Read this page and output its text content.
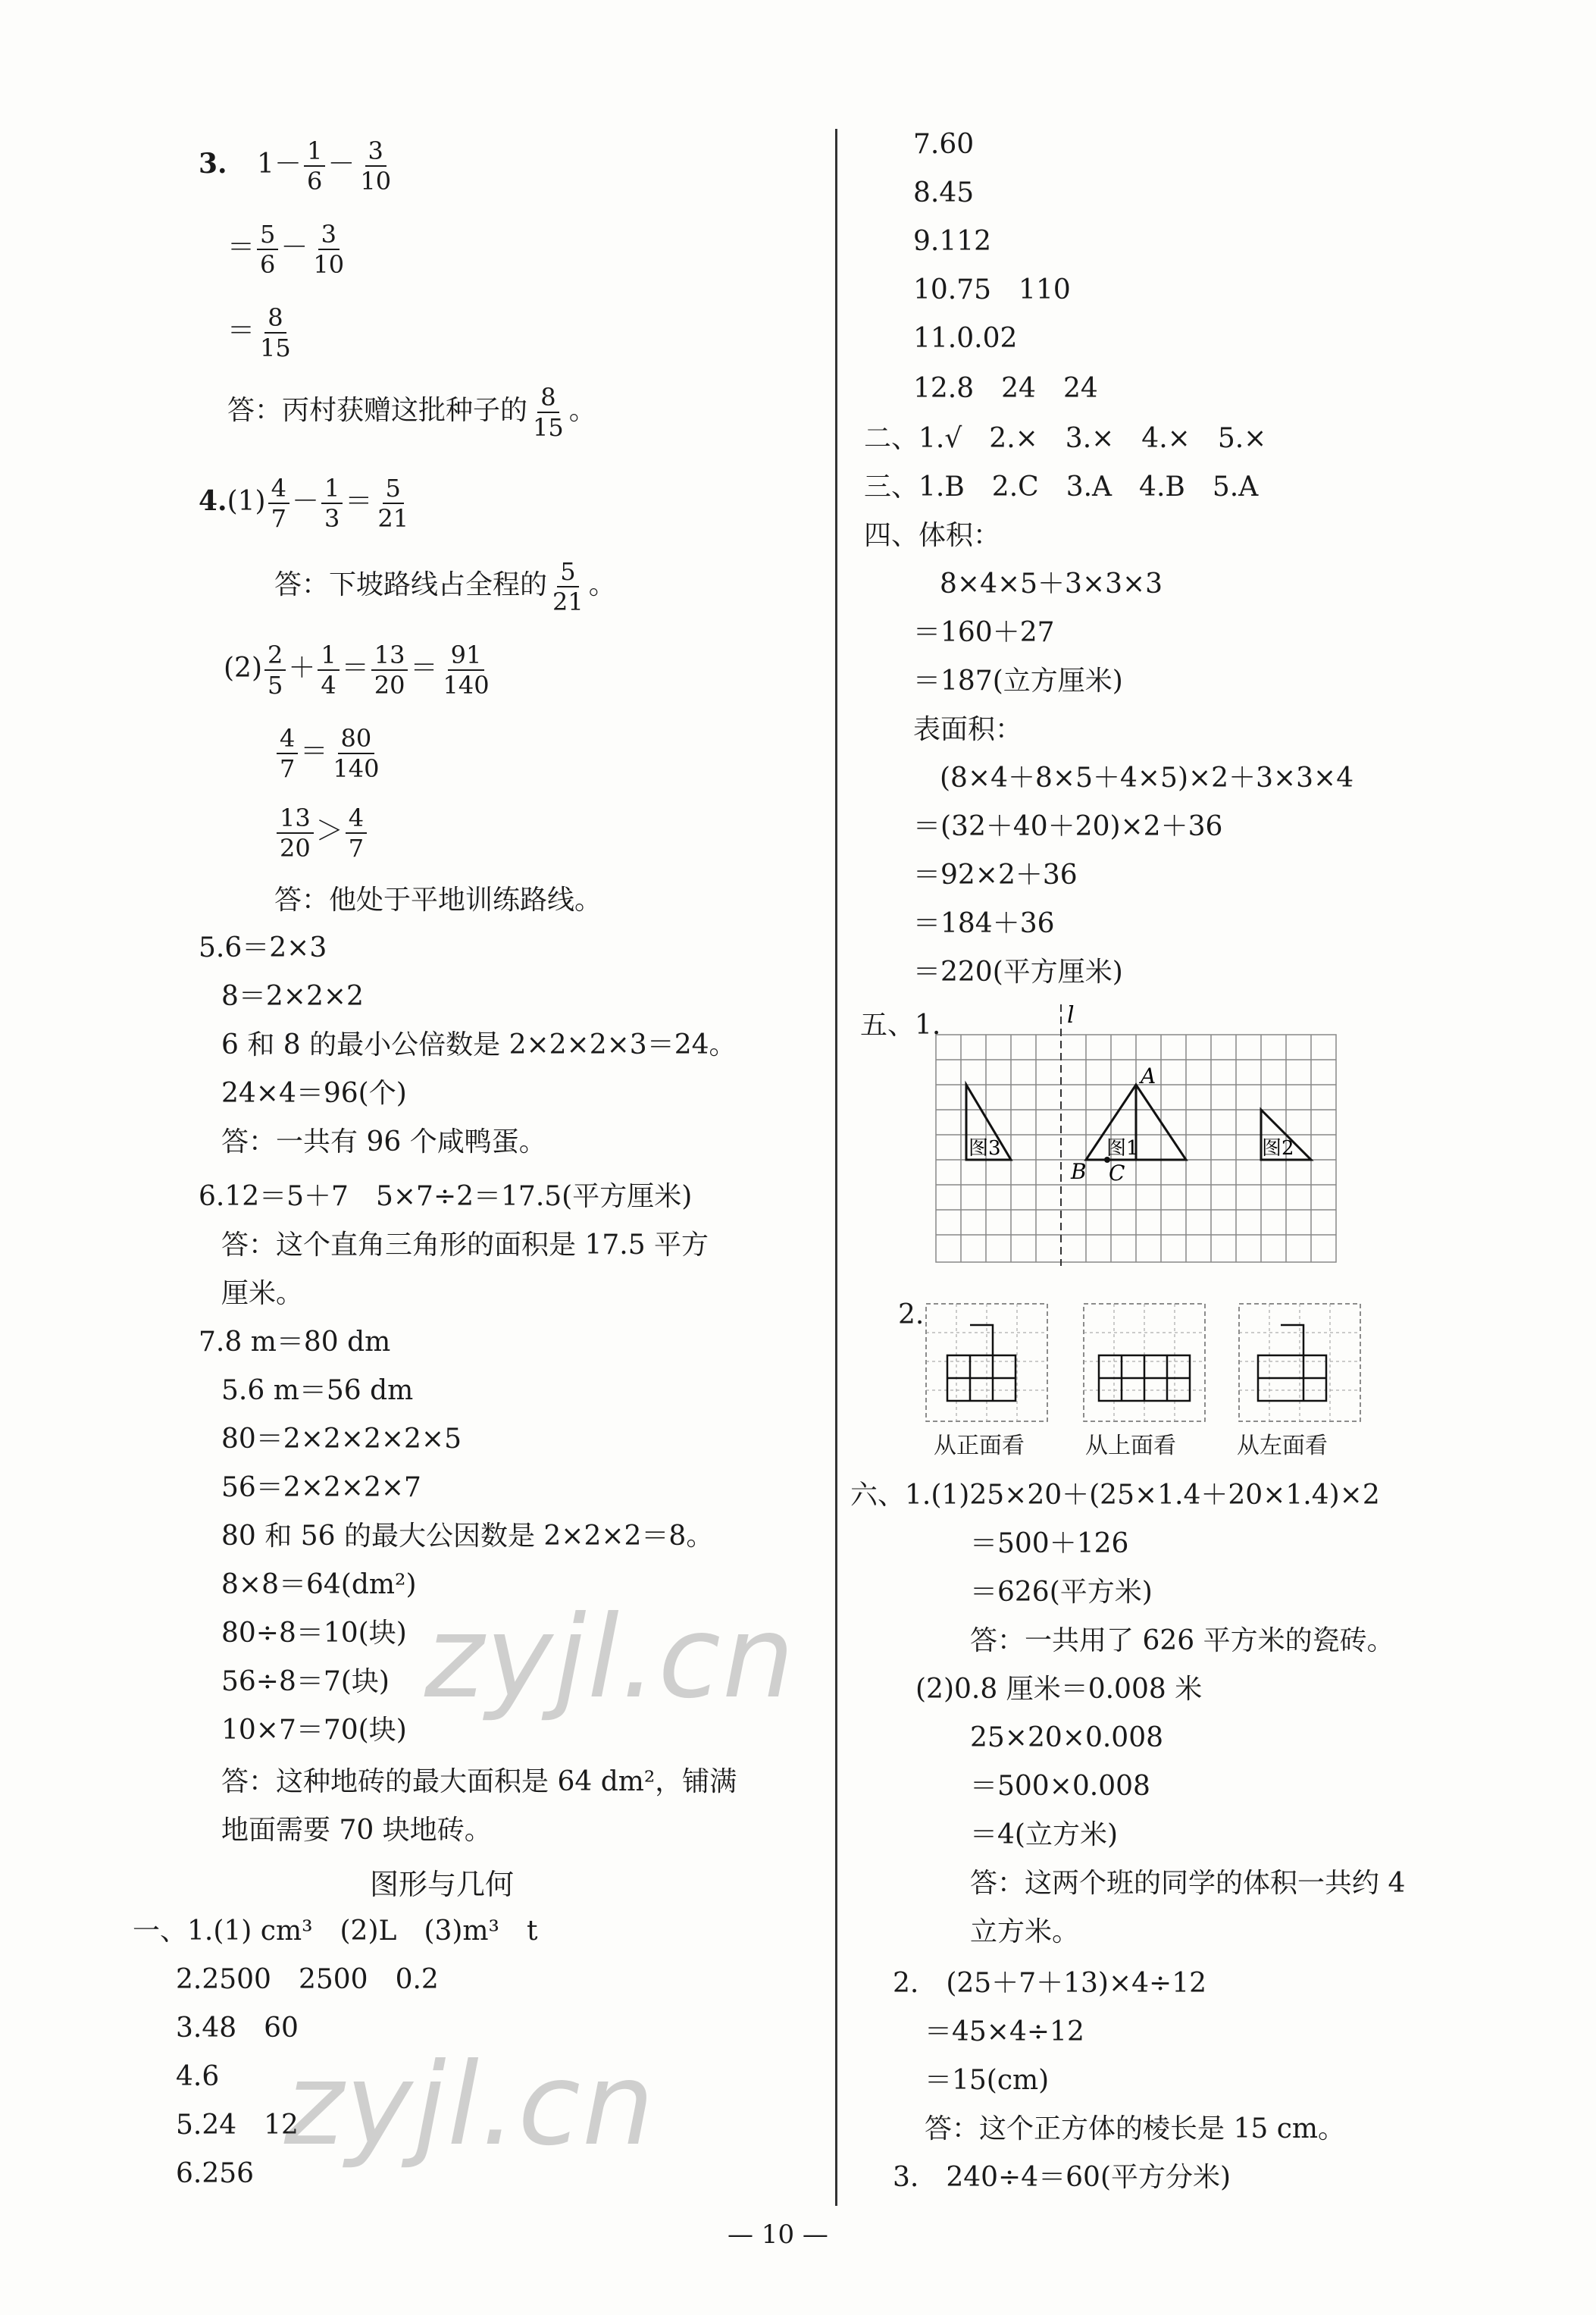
3. $1- \frac{1}{6} - \frac{3}{10}$
＝ $\frac{5}{6} - \frac{3}{10}$
＝ $\frac{8}{15}$
答：丙村获赠这批种子的 $\frac{8}{15}$ 。
$4.(1) \frac{4}{7} - \frac{1}{3} = \frac{5}{21}$
答：下坡路线占全程的 $\frac{5}{21}$ 。
$(2) \frac{2}{5} + \frac{1}{4} = \frac{13}{20} = \frac{91}{140}$
$\frac{4}{7} = \frac{80}{140}$
$\frac{13}{20} > \frac{4}{7}$
答：他处于平地训练路线。
5.6＝2×3
8＝2×2×2
6 和 8 的最小公倍数是 2×2×2×3＝24。
24×4＝96(个)
答：一共有 96 个咸鸭蛋。
6.12＝5＋7　5×7÷2＝17.5(平方厘米)
答：这个直角三角形的面积是 17.5 平方
厘米。
7.8 m＝80 dm
5.6 m＝56 dm
80＝2×2×2×2×5
56＝2×2×2×7
80 和 56 的最大公因数是 2×2×2＝8。
8×8＝64(dm²)
80÷8＝10(块)
56÷8＝7(块)
10×7＝70(块)
答：这种地砖的最大面积是 64 dm²，铺满
地面需要 70 块地砖。
图形与几何
一、1.(1) cm³　(2)L　(3)m³　t
2.2500　2500　0.2
3.48　60
4.6
5.24　12
6.256
7.60
8.45
9.112
10.75　110
11.0.02
12.8　24　24
二、1.√　2.×　3.×　4.×　5.×
三、1.B　2.C　3.A　4.B　5.A
四、体积：
8×4×5＋3×3×3
＝160＋27
＝187(立方厘米)
表面积：
(8×4＋8×5＋4×5)×2＋3×3×4
＝(32＋40＋20)×2＋36
＝92×2＋36
＝184＋36
＝220(平方厘米)
五、1.	l
A
B C
图3	图1	图2
2.
从正面看	从上面看	从左面看
六、1.(1)25×20＋(25×1.4＋20×1.4)×2
＝500＋126
＝626(平方米)
答：一共用了 626 平方米的瓷砖。
(2)0.8 厘米＝0.008 米
25×20×0.008
＝500×0.008
＝4(立方米)
答：这两个班的同学的体积一共约 4
立方米。
2.　(25＋7＋13)×4÷12
＝45×4÷12
＝15(cm)
答：这个正方体的棱长是 15 cm。
3.　240÷4＝60(平方分米)
zyjl.cn
zyjl.cn
— 10 —
